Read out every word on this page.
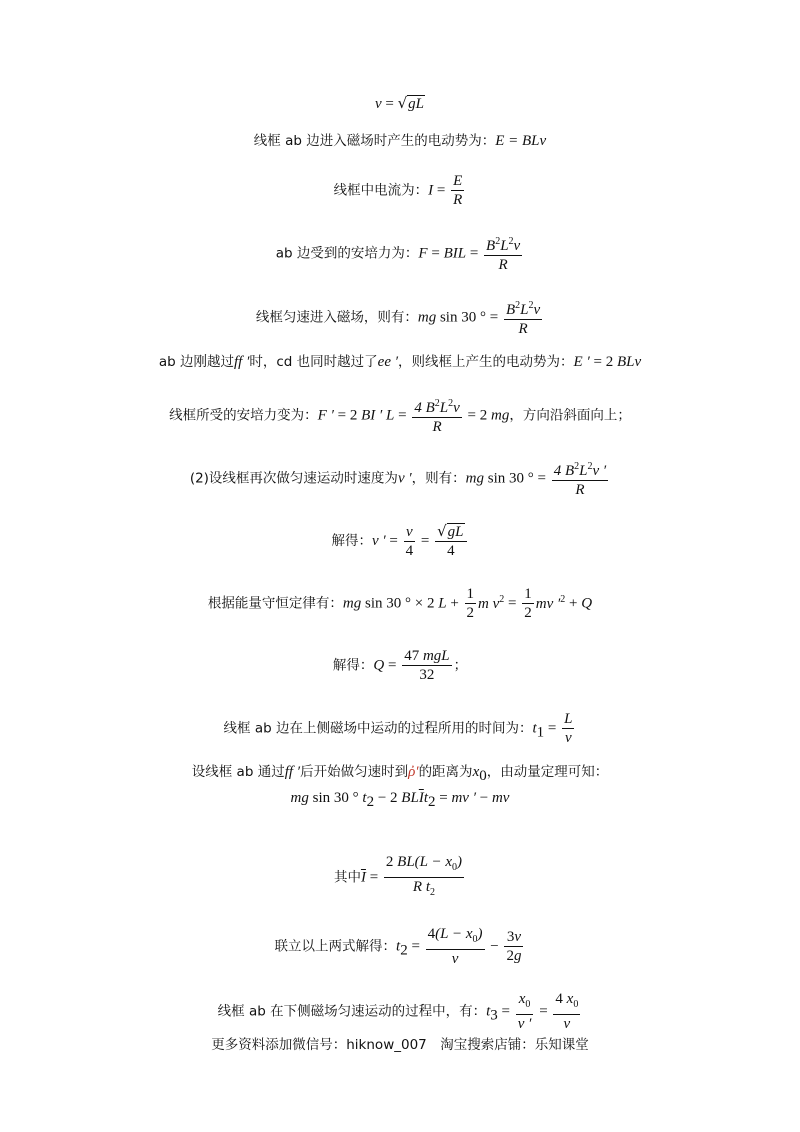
v = √gL
线框 ab 边进入磁场时产生的电动势为：E = BLv
线框中电流为：$I = \frac{E}{R}$
ab 边受到的安培力为：F = BIL = $\frac{B^2L^2v}{R}$
线框匀速进入磁场，则有：mg sin 30 ° = $\frac{B^2L^2v}{R}$
ab 边刚越过ff ′时，cd 也同时越过了ee ′，则线框上产生的电动势为：E ′ = 2 BLv
线框所受的安培力变为：F ′ = 2 BI ′ $L = \frac{4 B^2L^2v}{R} = 2$ mg，方向沿斜面向上；
(2)设线框再次做匀速运动时速度为v ′，则有：mg sin 30 ° = $\frac{4 B^2L^2v '}{R}$
解得：v ′ = $\frac{v}{4} = \frac{√gL}{4}$
根据能量守恒定律有：mg sin 30 ° × 2 $L + \frac{1}{2}$ m $v^2 = \frac{1}{2}$ mv $'^2 + Q$
解得：$Q = \frac{\text{47 mgL}}{32}$ ；
线框 ab 边在上侧磁场中运动的过程所用的时间为：$t_1 = \frac{L}{v}$
设线框 ab 通过ff ′后开始做匀速时到ῤ′的距离为$x_0$，由动量定理可知：
mg sin 30 ° $t_2 - 2$ $BL\overline{I}t_2$ = mv ′ − mv
其中$\overline{I} = \frac{2 BL(L - x_0)}{R t_2}$
联立以上两式解得：$t_2 = \frac{4(L - x_0)}{v} - \frac{3v}{2g}$
线框 ab 在下侧磁场匀速运动的过程中，有：$t_3 = \frac{x_0}{v '} = \frac{4 x_0}{v}$
更多资料添加微信号：hiknow_007　淘宝搜索店铺：乐知课堂
